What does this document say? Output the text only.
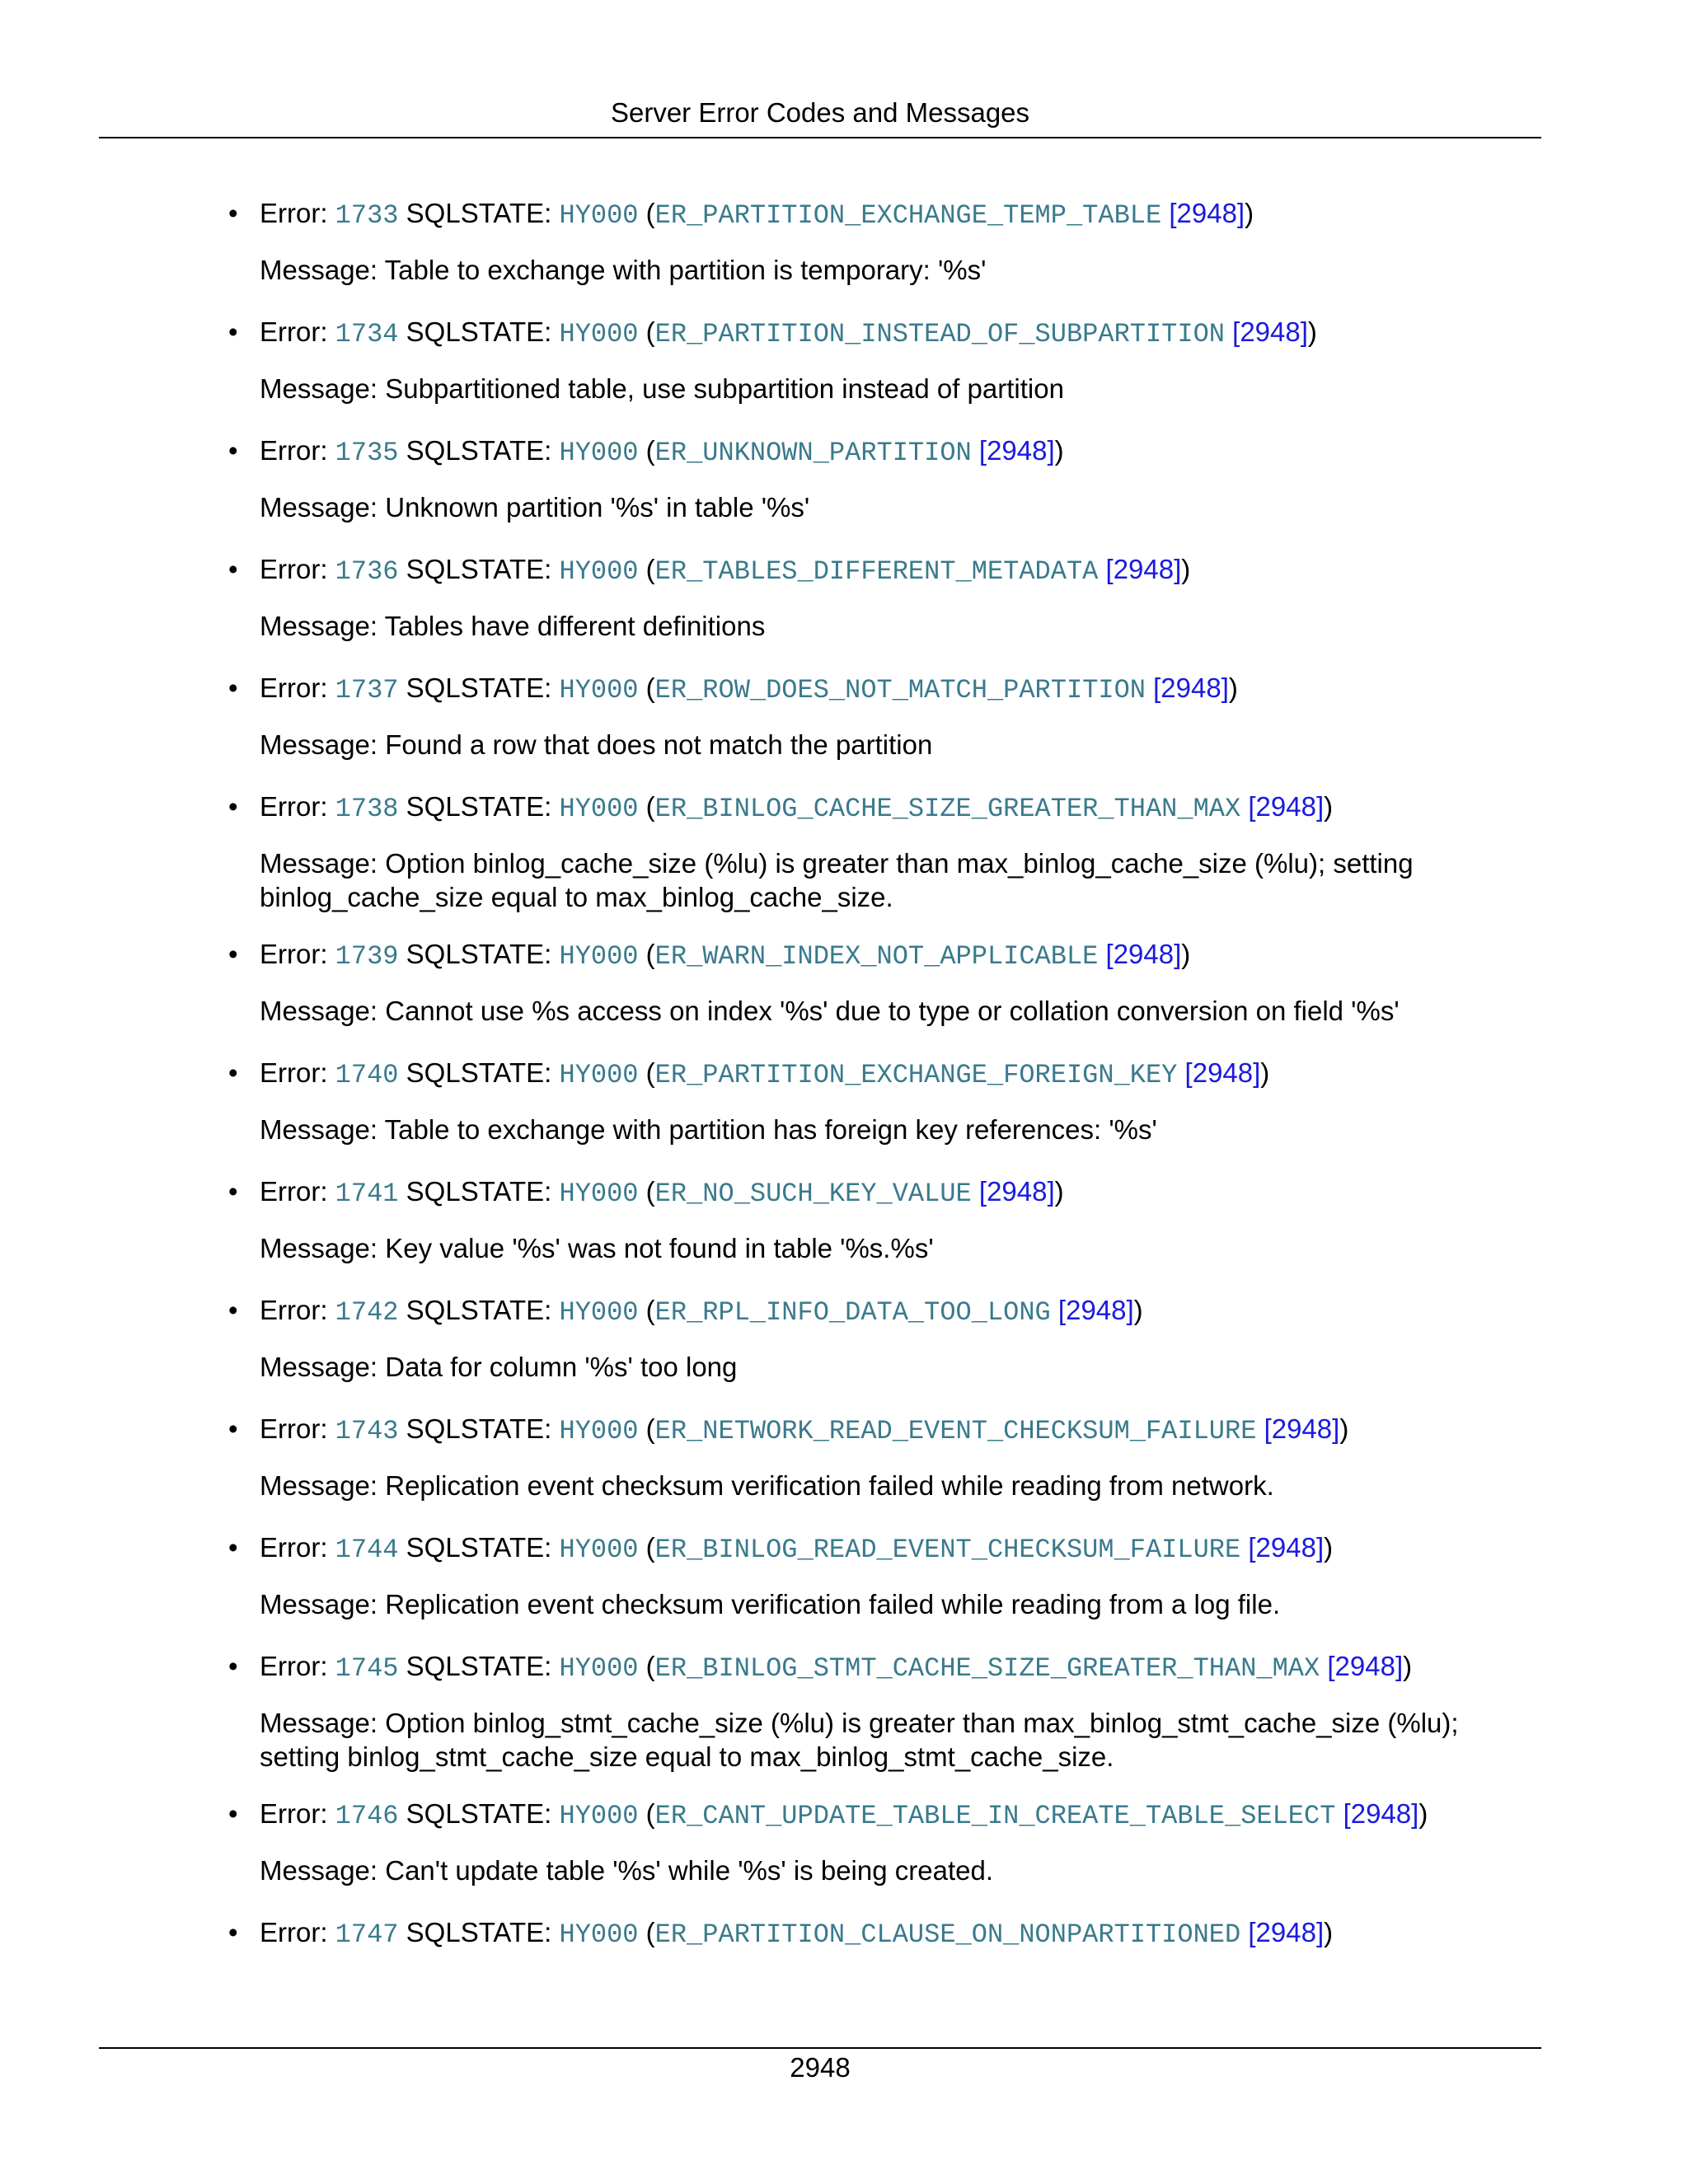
Server Error Codes and Messages
• Error: 1733 SQLSTATE: HY000 (ER_PARTITION_EXCHANGE_TEMP_TABLE [2948])
Message: Table to exchange with partition is temporary: '%s'
• Error: 1734 SQLSTATE: HY000 (ER_PARTITION_INSTEAD_OF_SUBPARTITION [2948])
Message: Subpartitioned table, use subpartition instead of partition
• Error: 1735 SQLSTATE: HY000 (ER_UNKNOWN_PARTITION [2948])
Message: Unknown partition '%s' in table '%s'
• Error: 1736 SQLSTATE: HY000 (ER_TABLES_DIFFERENT_METADATA [2948])
Message: Tables have different definitions
• Error: 1737 SQLSTATE: HY000 (ER_ROW_DOES_NOT_MATCH_PARTITION [2948])
Message: Found a row that does not match the partition
• Error: 1738 SQLSTATE: HY000 (ER_BINLOG_CACHE_SIZE_GREATER_THAN_MAX [2948])
Message: Option binlog_cache_size (%lu) is greater than max_binlog_cache_size (%lu); setting binlog_cache_size equal to max_binlog_cache_size.
• Error: 1739 SQLSTATE: HY000 (ER_WARN_INDEX_NOT_APPLICABLE [2948])
Message: Cannot use %s access on index '%s' due to type or collation conversion on field '%s'
• Error: 1740 SQLSTATE: HY000 (ER_PARTITION_EXCHANGE_FOREIGN_KEY [2948])
Message: Table to exchange with partition has foreign key references: '%s'
• Error: 1741 SQLSTATE: HY000 (ER_NO_SUCH_KEY_VALUE [2948])
Message: Key value '%s' was not found in table '%s.%s'
• Error: 1742 SQLSTATE: HY000 (ER_RPL_INFO_DATA_TOO_LONG [2948])
Message: Data for column '%s' too long
• Error: 1743 SQLSTATE: HY000 (ER_NETWORK_READ_EVENT_CHECKSUM_FAILURE [2948])
Message: Replication event checksum verification failed while reading from network.
• Error: 1744 SQLSTATE: HY000 (ER_BINLOG_READ_EVENT_CHECKSUM_FAILURE [2948])
Message: Replication event checksum verification failed while reading from a log file.
• Error: 1745 SQLSTATE: HY000 (ER_BINLOG_STMT_CACHE_SIZE_GREATER_THAN_MAX [2948])
Message: Option binlog_stmt_cache_size (%lu) is greater than max_binlog_stmt_cache_size (%lu); setting binlog_stmt_cache_size equal to max_binlog_stmt_cache_size.
• Error: 1746 SQLSTATE: HY000 (ER_CANT_UPDATE_TABLE_IN_CREATE_TABLE_SELECT [2948])
Message: Can't update table '%s' while '%s' is being created.
• Error: 1747 SQLSTATE: HY000 (ER_PARTITION_CLAUSE_ON_NONPARTITIONED [2948])
2948
